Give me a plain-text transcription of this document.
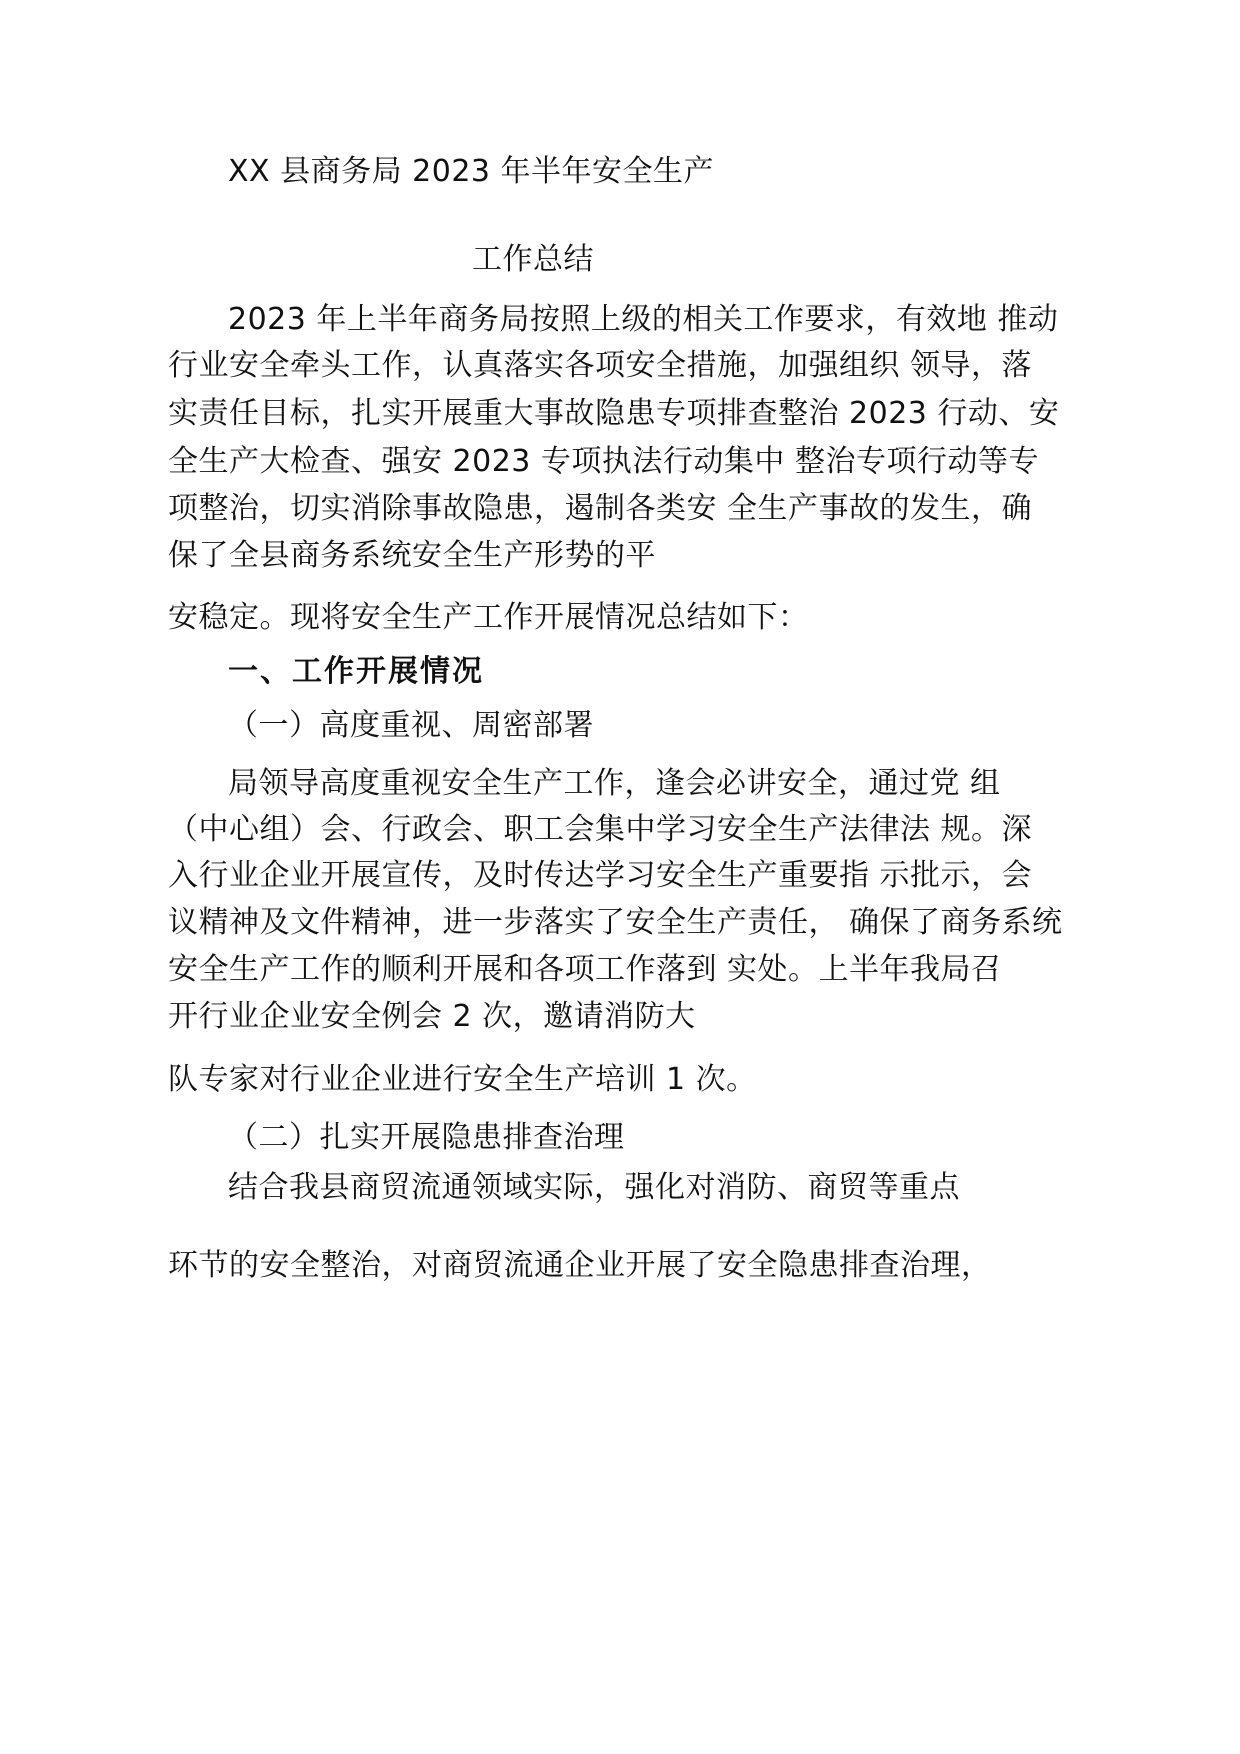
XX 县商务局 2023 年半年安全生产
工作总结
2023 年上半年商务局按照上级的相关工作要求，有效地 推动
行业安全牵头工作，认真落实各项安全措施，加强组织 领导，落
实责任目标，扎实开展重大事故隐患专项排查整治 2023 行动、安
全生产大检查、强安 2023 专项执法行动集中 整治专项行动等专
项整治，切实消除事故隐患，遏制各类安 全生产事故的发生，确
保了全县商务系统安全生产形势的平
安稳定。现将安全生产工作开展情况总结如下：
一、工作开展情况
（一）高度重视、周密部署
局领导高度重视安全生产工作，逢会必讲安全，通过党 组
（中心组）会、行政会、职工会集中学习安全生产法律法 规。深
入行业企业开展宣传，及时传达学习安全生产重要指 示批示，会
议精神及文件精神，进一步落实了安全生产责任， 确保了商务系统
安全生产工作的顺利开展和各项工作落到 实处。上半年我局召
开行业企业安全例会 2 次，邀请消防大
队专家对行业企业进行安全生产培训 1 次。
（二）扎实开展隐患排查治理
结合我县商贸流通领域实际，强化对消防、商贸等重点
环节的安全整治，对商贸流通企业开展了安全隐患排查治理，
